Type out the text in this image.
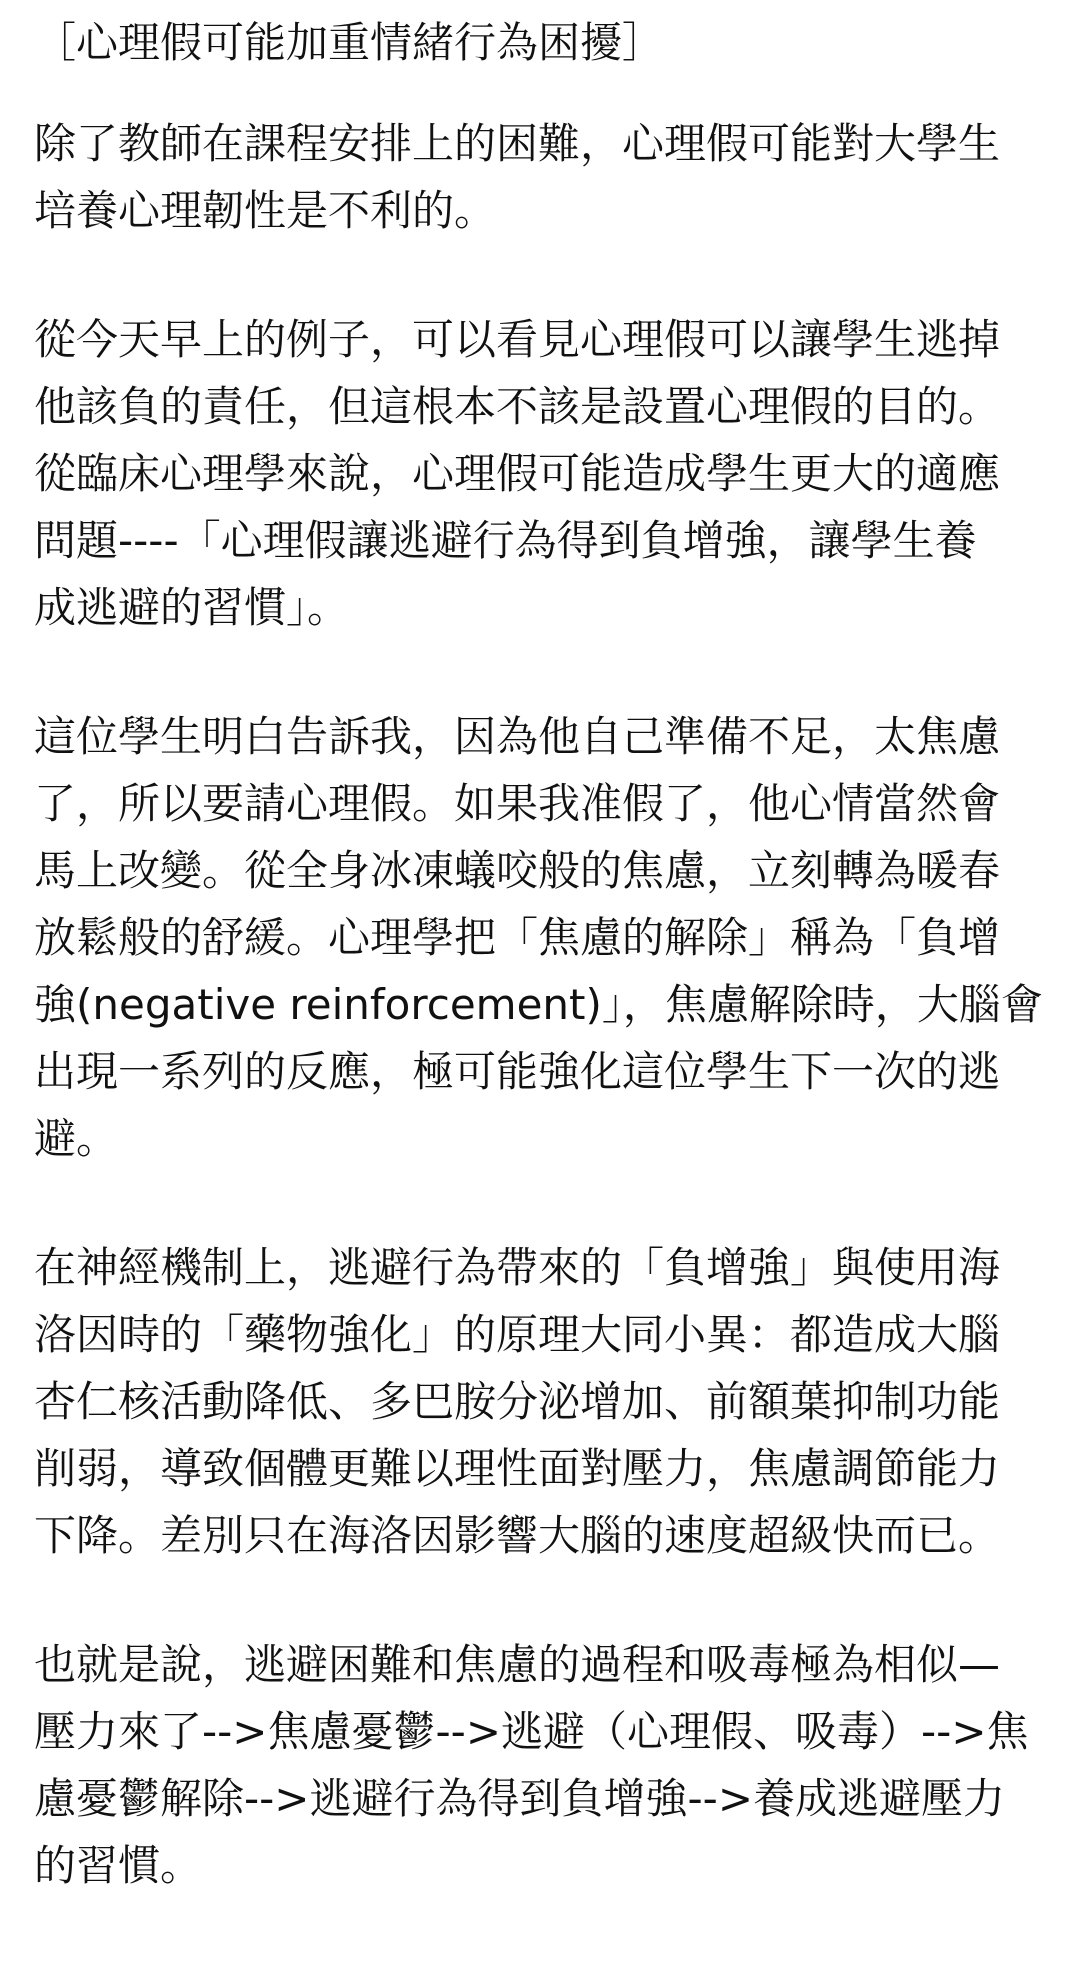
［心理假可能加重情緒行為困擾］
除了教師在課程安排上的困難，心理假可能對大學生
培養心理韌性是不利的。
從今天早上的例子，可以看見心理假可以讓學生逃掉
他該負的責任，但這根本不該是設置心理假的目的。
從臨床心理學來說，心理假可能造成學生更大的適應
問題----「心理假讓逃避行為得到負增強，讓學生養
成逃避的習慣」。
這位學生明白告訴我，因為他自己準備不足，太焦慮
了，所以要請心理假。如果我准假了，他心情當然會
馬上改變。從全身冰凍蟻咬般的焦慮，立刻轉為暖春
放鬆般的舒緩。心理學把「焦慮的解除」稱為「負增
強(negative reinforcement)」，焦慮解除時，大腦會
出現一系列的反應，極可能強化這位學生下一次的逃
避。
在神經機制上，逃避行為帶來的「負增強」與使用海
洛因時的「藥物強化」的原理大同小異：都造成大腦
杏仁核活動降低、多巴胺分泌增加、前額葉抑制功能
削弱，導致個體更難以理性面對壓力，焦慮調節能力
下降。差別只在海洛因影響大腦的速度超級快而已。
也就是說，逃避困難和焦慮的過程和吸毒極為相似—
壓力來了-->焦慮憂鬱-->逃避（心理假、吸毒）-->焦
慮憂鬱解除-->逃避行為得到負增強-->養成逃避壓力
的習慣。
